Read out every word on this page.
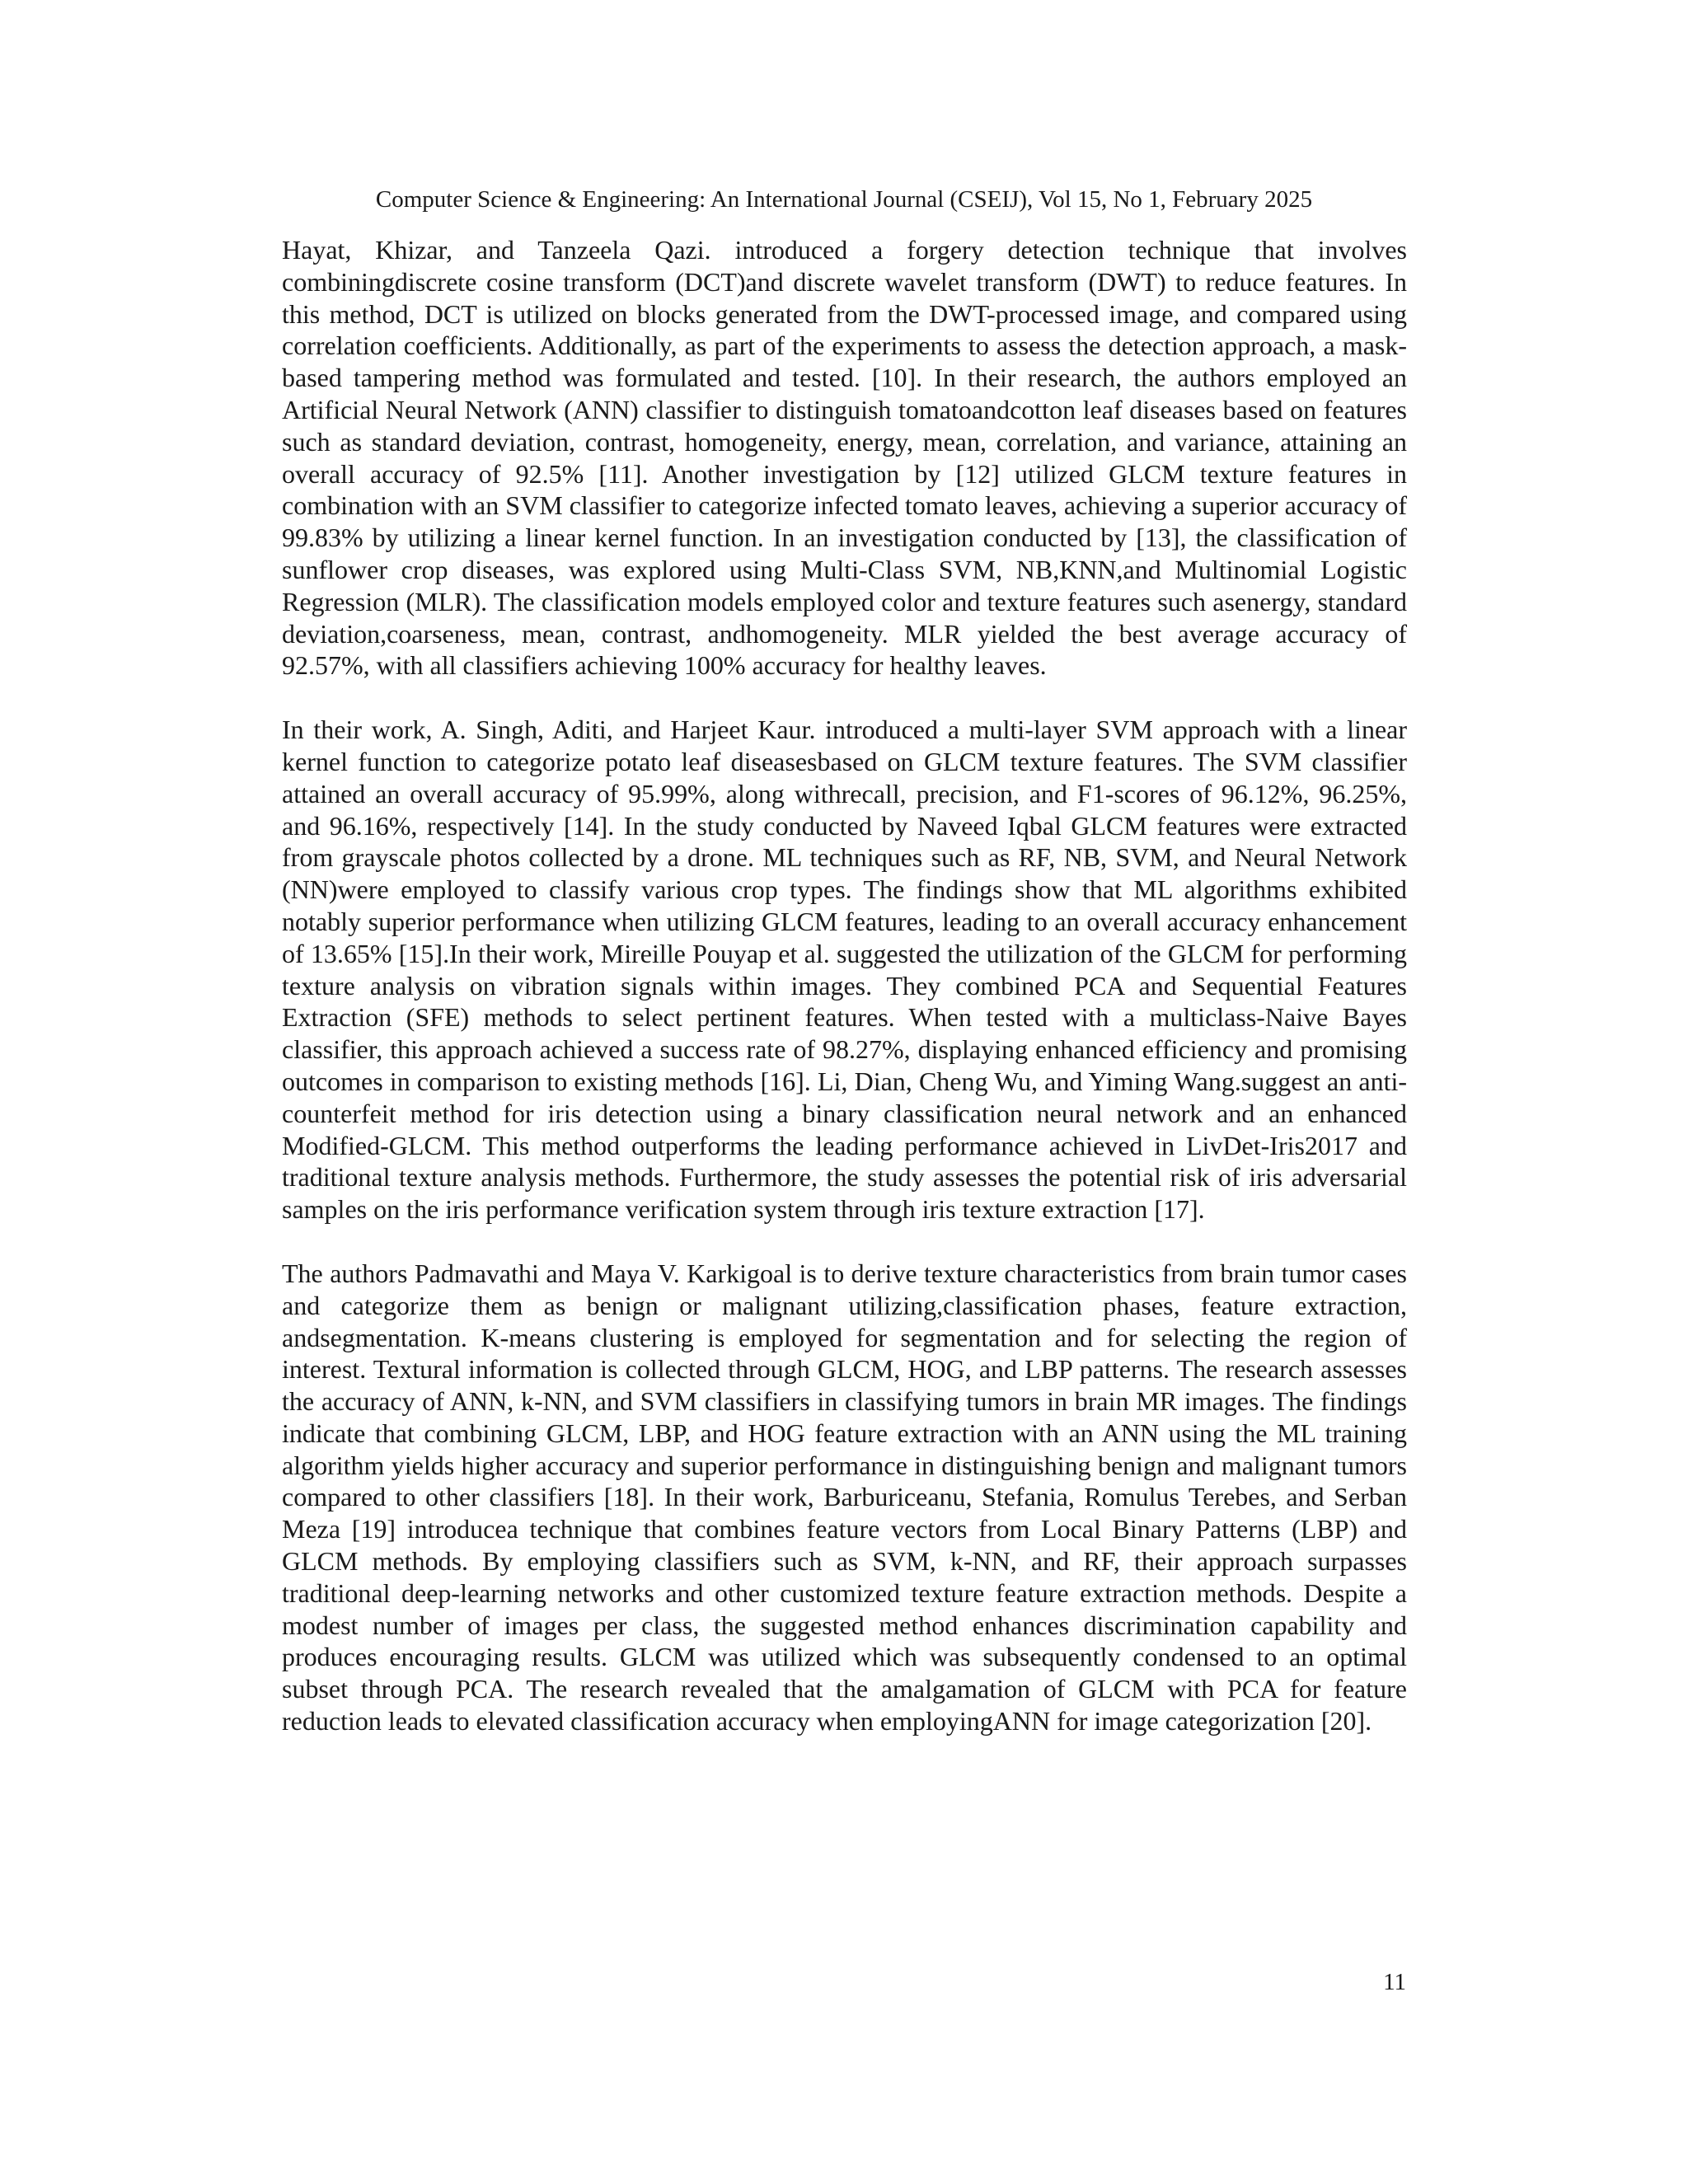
Computer Science & Engineering: An International Journal (CSEIJ), Vol 15, No 1, February 2025

Hayat, Khizar, and Tanzeela Qazi. introduced a forgery detection technique that involves combiningdiscrete cosine transform (DCT)and discrete wavelet transform (DWT) to reduce features. In this method, DCT is utilized on blocks generated from the DWT-processed image, and compared using correlation coefficients. Additionally, as part of the experiments to assess the detection approach, a mask-based tampering method was formulated and tested. [10]. In their research, the authors employed an Artificial Neural Network (ANN) classifier to distinguish tomatoandcotton leaf diseases based on features such as standard deviation, contrast, homogeneity, energy, mean, correlation, and variance, attaining an overall accuracy of 92.5% [11]. Another investigation by [12] utilized GLCM texture features in combination with an SVM classifier to categorize infected tomato leaves, achieving a superior accuracy of 99.83% by utilizing a linear kernel function. In an investigation conducted by [13], the classification of sunflower crop diseases, was explored using Multi-Class SVM, NB,KNN,and Multinomial Logistic Regression (MLR). The classification models employed color and texture features such asenergy, standard deviation,coarseness, mean, contrast, andhomogeneity. MLR yielded the best average accuracy of 92.57%, with all classifiers achieving 100% accuracy for healthy leaves.

In their work, A. Singh, Aditi, and Harjeet Kaur. introduced a multi-layer SVM approach with a linear kernel function to categorize potato leaf diseasesbased on GLCM texture features. The SVM classifier attained an overall accuracy of 95.99%, along withrecall, precision, and F1-scores of 96.12%, 96.25%, and 96.16%, respectively [14]. In the study conducted by Naveed Iqbal GLCM features were extracted from grayscale photos collected by a drone. ML techniques such as RF, NB, SVM, and Neural Network (NN)were employed to classify various crop types. The findings show that ML algorithms exhibited notably superior performance when utilizing GLCM features, leading to an overall accuracy enhancement of 13.65% [15].In their work, Mireille Pouyap et al. suggested the utilization of the GLCM for performing texture analysis on vibration signals within images. They combined PCA and Sequential Features Extraction (SFE) methods to select pertinent features. When tested with a multiclass-Naive Bayes classifier, this approach achieved a success rate of 98.27%, displaying enhanced efficiency and promising outcomes in comparison to existing methods [16]. Li, Dian, Cheng Wu, and Yiming Wang.suggest an anti-counterfeit method for iris detection using a binary classification neural network and an enhanced Modified-GLCM. This method outperforms the leading performance achieved in LivDet-Iris2017 and traditional texture analysis methods. Furthermore, the study assesses the potential risk of iris adversarial samples on the iris performance verification system through iris texture extraction [17].

The authors Padmavathi and Maya V. Karkigoal is to derive texture characteristics from brain tumor cases and categorize them as benign or malignant utilizing,classification phases, feature extraction, andsegmentation. K-means clustering is employed for segmentation and for selecting the region of interest. Textural information is collected through GLCM, HOG, and LBP patterns. The research assesses the accuracy of ANN, k-NN, and SVM classifiers in classifying tumors in brain MR images. The findings indicate that combining GLCM, LBP, and HOG feature extraction with an ANN using the ML training algorithm yields higher accuracy and superior performance in distinguishing benign and malignant tumors compared to other classifiers [18]. In their work, Barburiceanu, Stefania, Romulus Terebes, and Serban Meza [19] introducea technique that combines feature vectors from Local Binary Patterns (LBP) and GLCM methods. By employing classifiers such as SVM, k-NN, and RF, their approach surpasses traditional deep-learning networks and other customized texture feature extraction methods. Despite a modest number of images per class, the suggested method enhances discrimination capability and produces encouraging results. GLCM was utilized which was subsequently condensed to an optimal subset through PCA. The research revealed that the amalgamation of GLCM with PCA for feature reduction leads to elevated classification accuracy when employingANN for image categorization [20].

11
